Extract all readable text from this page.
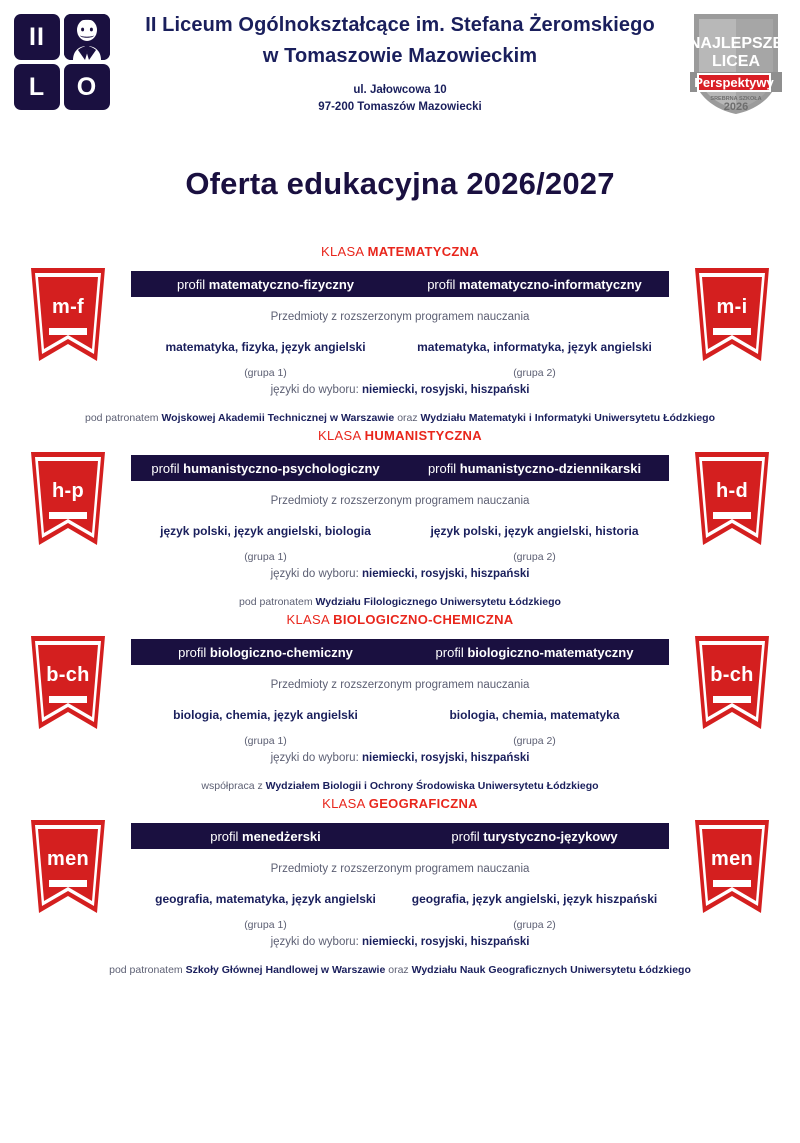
II
L	O
II Liceum Ogólnokształcące im. Stefana Żeromskiego
w Tomaszowie Mazowieckim
ul. Jałowcowa 10
97-200 Tomaszów Mazowiecki
NAJLEPSZE
LICEA
Perspektywy
SREBRNA SZKOŁA
2026
Oferta edukacyjna 2026/2027
KLASA MATEMATYCZNA
m-f	m-i
profil matematyczno-fizyczny	profil matematyczno-informatyczny
Przedmioty z rozszerzonym programem nauczania
matematyka, fizyka, język angielski	matematyka, informatyka, język angielski
(grupa 1)	(grupa 2)
języki do wyboru: niemiecki, rosyjski, hiszpański
pod patronatem Wojskowej Akademii Technicznej w Warszawie oraz Wydziału Matematyki i Informatyki Uniwersytetu Łódzkiego
KLASA HUMANISTYCZNA
h-p	h-d
profil humanistyczno-psychologiczny	profil humanistyczno-dziennikarski
Przedmioty z rozszerzonym programem nauczania
język polski, język angielski, biologia	język polski, język angielski, historia
(grupa 1)	(grupa 2)
języki do wyboru: niemiecki, rosyjski, hiszpański
pod patronatem Wydziału Filologicznego Uniwersytetu Łódzkiego
KLASA BIOLOGICZNO-CHEMICZNA
b-ch	b-ch
profil biologiczno-chemiczny	profil biologiczno-matematyczny
Przedmioty z rozszerzonym programem nauczania
biologia, chemia, język angielski	biologia, chemia, matematyka
(grupa 1)	(grupa 2)
języki do wyboru: niemiecki, rosyjski, hiszpański
współpraca z Wydziałem Biologii i Ochrony Środowiska Uniwersytetu Łódzkiego
KLASA GEOGRAFICZNA
men	men
profil menedżerski	profil turystyczno-językowy
Przedmioty z rozszerzonym programem nauczania
geografia, matematyka, język angielski	geografia, język angielski, język hiszpański
(grupa 1)	(grupa 2)
języki do wyboru: niemiecki, rosyjski, hiszpański
pod patronatem Szkoły Głównej Handlowej w Warszawie oraz Wydziału Nauk Geograficznych Uniwersytetu Łódzkiego
